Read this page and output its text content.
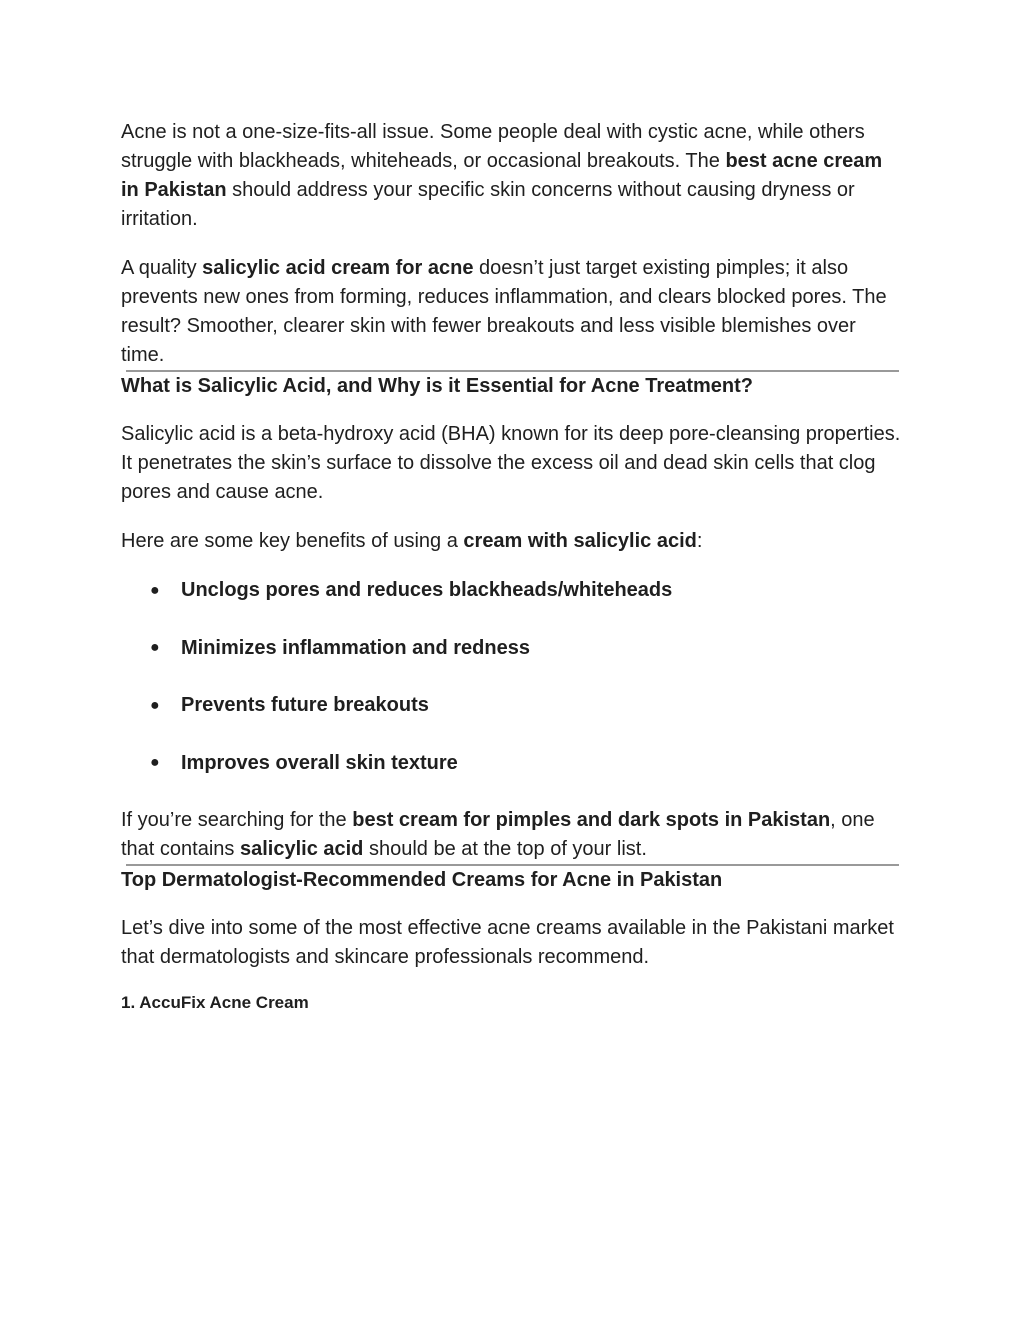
Acne is not a one-size-fits-all issue. Some people deal with cystic acne, while others struggle with blackheads, whiteheads, or occasional breakouts. The best acne cream in Pakistan should address your specific skin concerns without causing dryness or irritation.

A quality salicylic acid cream for acne doesn’t just target existing pimples; it also prevents new ones from forming, reduces inflammation, and clears blocked pores. The result? Smoother, clearer skin with fewer breakouts and less visible blemishes over time.

What is Salicylic Acid, and Why is it Essential for Acne Treatment?

Salicylic acid is a beta-hydroxy acid (BHA) known for its deep pore-cleansing properties. It penetrates the skin’s surface to dissolve the excess oil and dead skin cells that clog pores and cause acne.

Here are some key benefits of using a cream with salicylic acid:

●	Unclogs pores and reduces blackheads/whiteheads
●	Minimizes inflammation and redness
●	Prevents future breakouts
●	Improves overall skin texture

If you’re searching for the best cream for pimples and dark spots in Pakistan, one that contains salicylic acid should be at the top of your list.

Top Dermatologist-Recommended Creams for Acne in Pakistan

Let’s dive into some of the most effective acne creams available in the Pakistani market that dermatologists and skincare professionals recommend.

1. AccuFix Acne Cream
